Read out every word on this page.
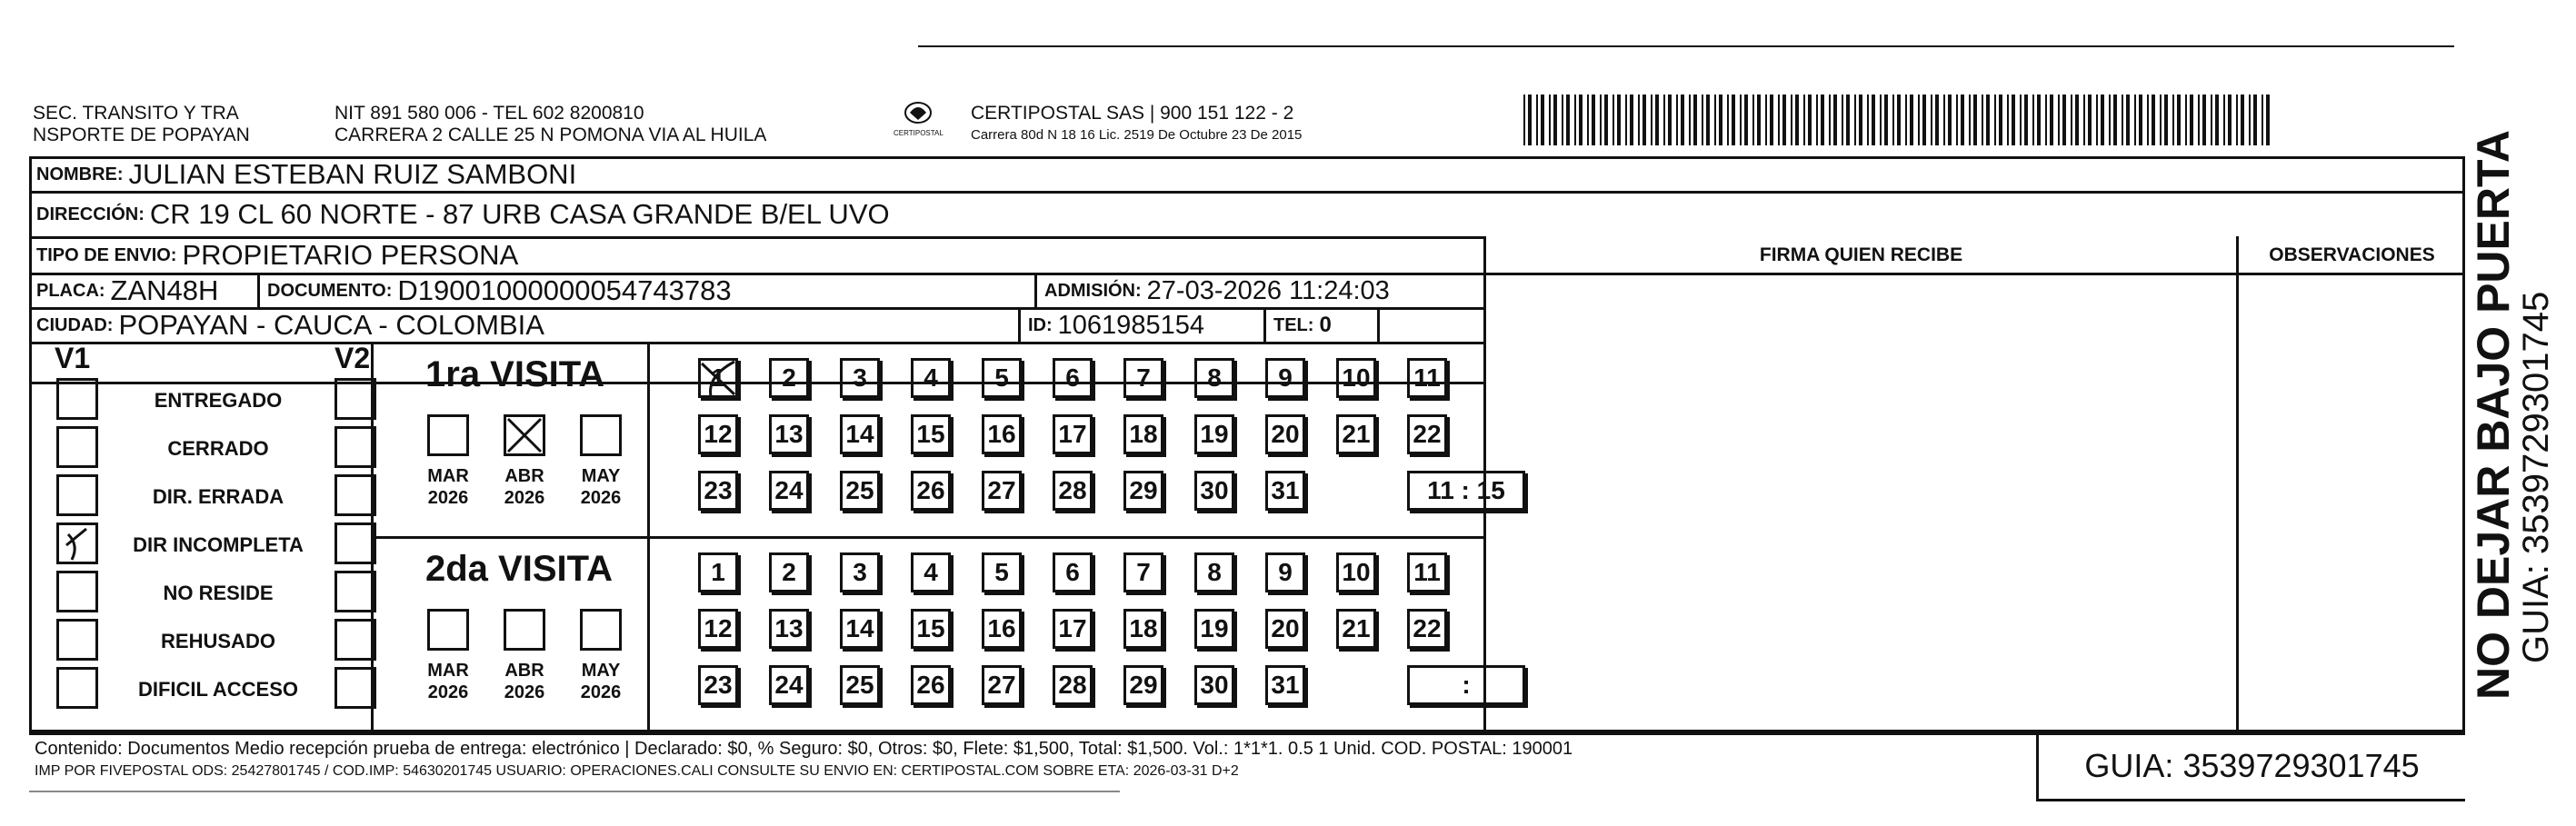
SEC. TRANSITO Y TRA
NSPORTE DE POPAYAN
NIT 891 580 006 - TEL 602 8200810
CARRERA 2 CALLE 25 N POMONA VIA AL HUILA	CERTIPOSTAL
CERTIPOSTAL SAS | 900 151 122 - 2
Carrera 80d N 18 16 Lic. 2519 De Octubre 23 De 2015
NOMBRE: JULIAN ESTEBAN RUIZ SAMBONI
DIRECCIÓN: CR 19 CL 60 NORTE - 87 URB CASA GRANDE B/EL UVO
TIPO DE ENVIO: PROPIETARIO PERSONA	FIRMA QUIEN RECIBE	OBSERVACIONES
PLACA: ZAN48H	DOCUMENTO: D19001000000054743783	ADMISIÓN: 27-03-2026 11:24:03
CIUDAD: POPAYAN - CAUCA - COLOMBIA	ID: 1061985154	TEL: 0
V1	V2
ENTREGADO
CERRADO
DIR. ERRADA
DIR INCOMPLETA
NO RESIDE
REHUSADO
DIFICIL ACCESO
1ra VISITA
2da VISITA
MAR
2026
ABR
2026
MAY
2026
1	2	3	4	5	6	7	8	9	10 11
12 13 14 15 16 17 18 19 20 21 22
23 24 25 26 27 28 29 30 31	11 : 15
MAR
2026
ABR
2026
MAY
2026
1	2	3	4	5	6	7	8	9	10 11
12 13 14 15 16 17 18 19 20 21 22
23 24 25 26 27 28 29 30 31	:	NO DEJAR BAJO PUERTA
GUIA: 3539729301745
Contenido: Documentos Medio recepción prueba de entrega: electrónico | Declarado: $0, % Seguro: $0, Otros: $0, Flete: $1,500, Total: $1,500. Vol.: 1*1*1. 0.5 1 Unid. COD. POSTAL: 190001
IMP POR FIVEPOSTAL ODS: 25427801745 / COD.IMP: 54630201745 USUARIO: OPERACIONES.CALI CONSULTE SU ENVIO EN: CERTIPOSTAL.COM SOBRE ETA: 2026-03-31 D+2	GUIA: 3539729301745
